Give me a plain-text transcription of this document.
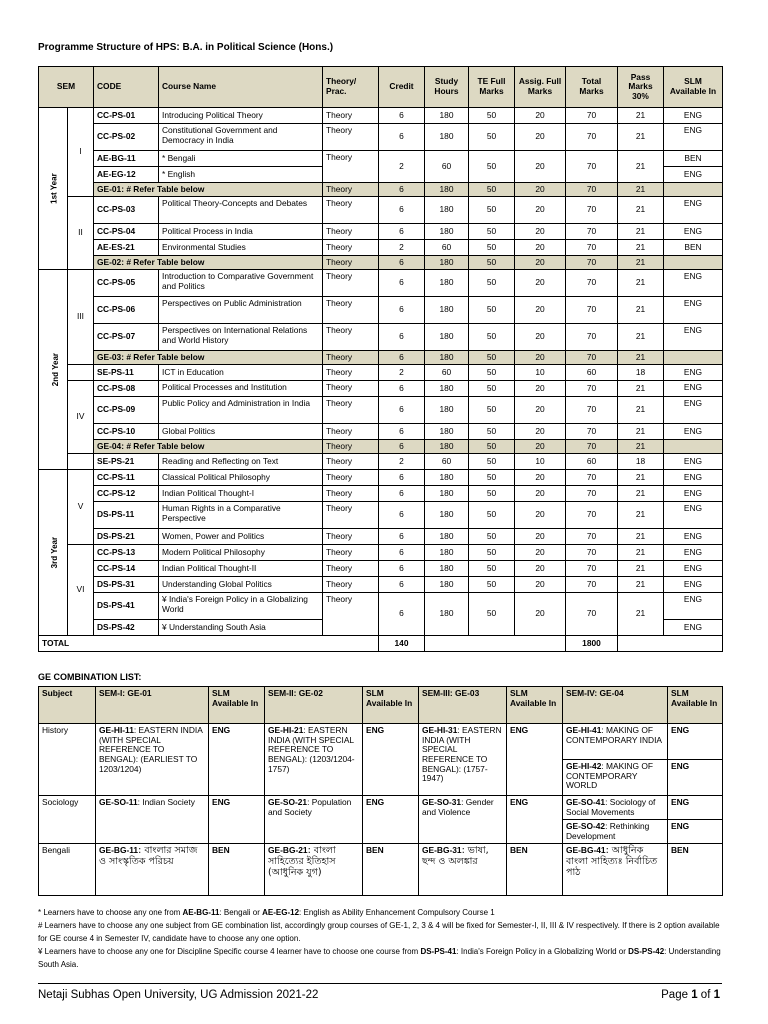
Programme Structure of HPS: B.A. in Political Science (Hons.)
SEM		CODE	Course Name	Theory/ Prac.	Credit	Study Hours	TE Full Marks	Assig. Full Marks	Total Marks	Pass Marks 30%	SLM Available In
1st Year	I	CC-PS-01	Introducing Political Theory	Theory	6	180	50	20	70	21	ENG
		CC-PS-02	Constitutional Government and Democracy in India	Theory	6	180	50	20	70	21	ENG
		AE-BG-11	* Bengali	Theory	2	60	50	20	70	21	BEN
		AE-EG-12	* English								ENG
		GE-01: # Refer Table below		Theory	6	180	50	20	70	21	
	II	CC-PS-03	Political Theory-Concepts and Debates	Theory	6	180	50	20	70	21	ENG
		CC-PS-04	Political Process in India	Theory	6	180	50	20	70	21	ENG
		AE-ES-21	Environmental Studies	Theory	2	60	50	20	70	21	BEN
		GE-02: # Refer Table below		Theory	6	180	50	20	70	21	
2nd Year	III	CC-PS-05	Introduction to Comparative Government and Politics	Theory	6	180	50	20	70	21	ENG
		CC-PS-06	Perspectives on Public Administration	Theory	6	180	50	20	70	21	ENG
		CC-PS-07	Perspectives on International Relations and World History	Theory	6	180	50	20	70	21	ENG
		GE-03: # Refer Table below		Theory	6	180	50	20	70	21	
		SE-PS-11	ICT in Education	Theory	2	60	50	10	60	18	ENG
	IV	CC-PS-08	Political Processes and Institution	Theory	6	180	50	20	70	21	ENG
		CC-PS-09	Public Policy and Administration in India	Theory	6	180	50	20	70	21	ENG
		CC-PS-10	Global Politics	Theory	6	180	50	20	70	21	ENG
		GE-04: # Refer Table below		Theory	6	180	50	20	70	21	
		SE-PS-21	Reading and Reflecting on Text	Theory	2	60	50	10	60	18	ENG
3rd Year	V	CC-PS-11	Classical Political Philosophy	Theory	6	180	50	20	70	21	ENG
		CC-PS-12	Indian Political Thought-I	Theory	6	180	50	20	70	21	ENG
		DS-PS-11	Human Rights in a Comparative Perspective	Theory	6	180	50	20	70	21	ENG
		DS-PS-21	Women, Power and Politics	Theory	6	180	50	20	70	21	ENG
	VI	CC-PS-13	Modern Political Philosophy	Theory	6	180	50	20	70	21	ENG
		CC-PS-14	Indian Political Thought-II	Theory	6	180	50	20	70	21	ENG
		DS-PS-31	Understanding Global Politics	Theory	6	180	50	20	70	21	ENG
		DS-PS-41	¥ India's Foreign Policy in a Globalizing World	Theory	6	180	50	20	70	21	ENG
		DS-PS-42	¥ Understanding South Asia								ENG
TOTAL					140				1800		
GE COMBINATION LIST:
Subject	SEM-I: GE-01	SLM Available In	SEM-II: GE-02	SLM Available In	SEM-III: GE-03	SLM Available In	SEM-IV: GE-04	SLM Available In
History	GE-HI-11: EASTERN INDIA (WITH SPECIAL REFERENCE TO BENGAL): (EARLIEST TO 1203/1204)	ENG	GE-HI-21: EASTERN INDIA (WITH SPECIAL REFERENCE TO BENGAL): (1203/1204-1757)	ENG	GE-HI-31: EASTERN INDIA (WITH SPECIAL REFERENCE TO BENGAL): (1757-1947)	ENG	GE-HI-41: MAKING OF CONTEMPORARY INDIA	ENG
							GE-HI-42: MAKING OF CONTEMPORARY WORLD	ENG
Sociology	GE-SO-11: Indian Society	ENG	GE-SO-21: Population and Society	ENG	GE-SO-31: Gender and Violence	ENG	GE-SO-41: Sociology of Social Movements	ENG
							GE-SO-42: Rethinking Development	ENG
Bengali	GE-BG-11: বাংলার সমাজ ও সাংস্কৃতিক পরিচয়	BEN	GE-BG-21: বাংলা সাহিত্যের ইতিহাস (আধুনিক যুগ)	BEN	GE-BG-31: ভাষা, ছন্দ ও অলঙ্কার	BEN	GE-BG-41: আধুনিক বাংলা সাহিত্যঃ নির্বাচিত পাঠ	BEN
* Learners have to choose any one from AE-BG-11: Bengali or AE-EG-12: English as Ability Enhancement Compulsory Course 1
# Learners have to choose any one subject from GE combination list, accordingly group courses of GE-1, 2, 3 & 4 will be fixed for Semester-I, II, III & IV respectively. If there is 2 option available for GE course 4 in Semester IV, candidate have to choose any one option.
¥ Learners have to choose any one for Discipline Specific course 4 learner have to choose one course from DS-PS-41: India's Foreign Policy in a Globalizing World or DS-PS-42: Understanding South Asia.
Netaji Subhas Open University, UG Admission 2021-22	Page 1 of 1
